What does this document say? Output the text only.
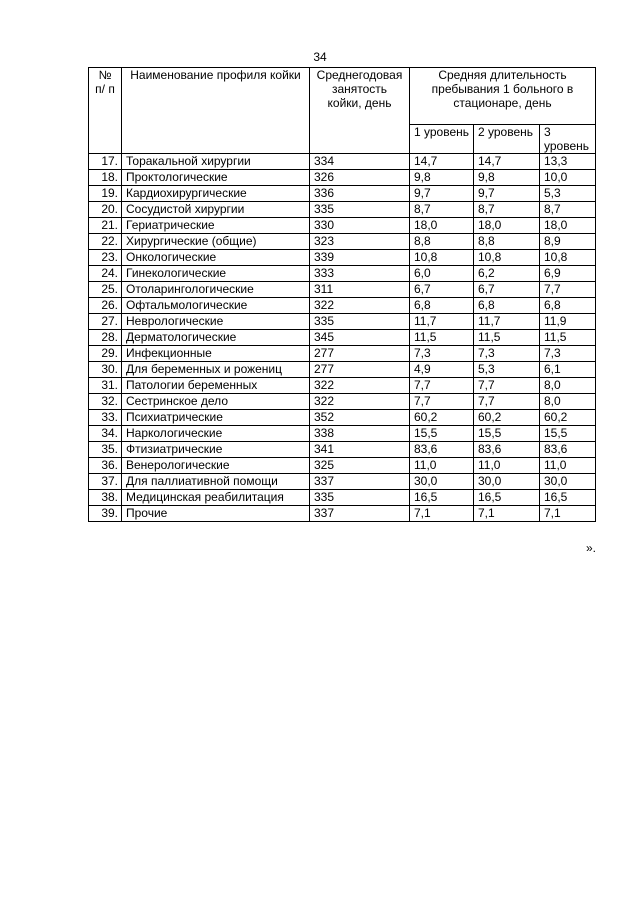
34
№ п/ п	Наименование профиля койки	Среднегодовая занятость койки, день	Средняя длительность пребывания 1 больного в стационаре, день		
			1 уровень	2 уровень	3 уровень
17.	Торакальной хирургии	334	14,7	14,7	13,3
18.	Проктологические	326	9,8	9,8	10,0
19.	Кардиохирургические	336	9,7	9,7	5,3
20.	Сосудистой хирургии	335	8,7	8,7	8,7
21.	Гериатрические	330	18,0	18,0	18,0
22.	Хирургические (общие)	323	8,8	8,8	8,9
23.	Онкологические	339	10,8	10,8	10,8
24.	Гинекологические	333	6,0	6,2	6,9
25.	Отоларингологические	311	6,7	6,7	7,7
26.	Офтальмологические	322	6,8	6,8	6,8
27.	Неврологические	335	11,7	11,7	11,9
28.	Дерматологические	345	11,5	11,5	11,5
29.	Инфекционные	277	7,3	7,3	7,3
30.	Для беременных и рожениц	277	4,9	5,3	6,1
31.	Патологии беременных	322	7,7	7,7	8,0
32.	Сестринское дело	322	7,7	7,7	8,0
33.	Психиатрические	352	60,2	60,2	60,2
34.	Наркологические	338	15,5	15,5	15,5
35.	Фтизиатрические	341	83,6	83,6	83,6
36.	Венерологические	325	11,0	11,0	11,0
37.	Для паллиативной помощи	337	30,0	30,0	30,0
38.	Медицинская реабилитация	335	16,5	16,5	16,5
39.	Прочие	337	7,1	7,1	7,1
».
